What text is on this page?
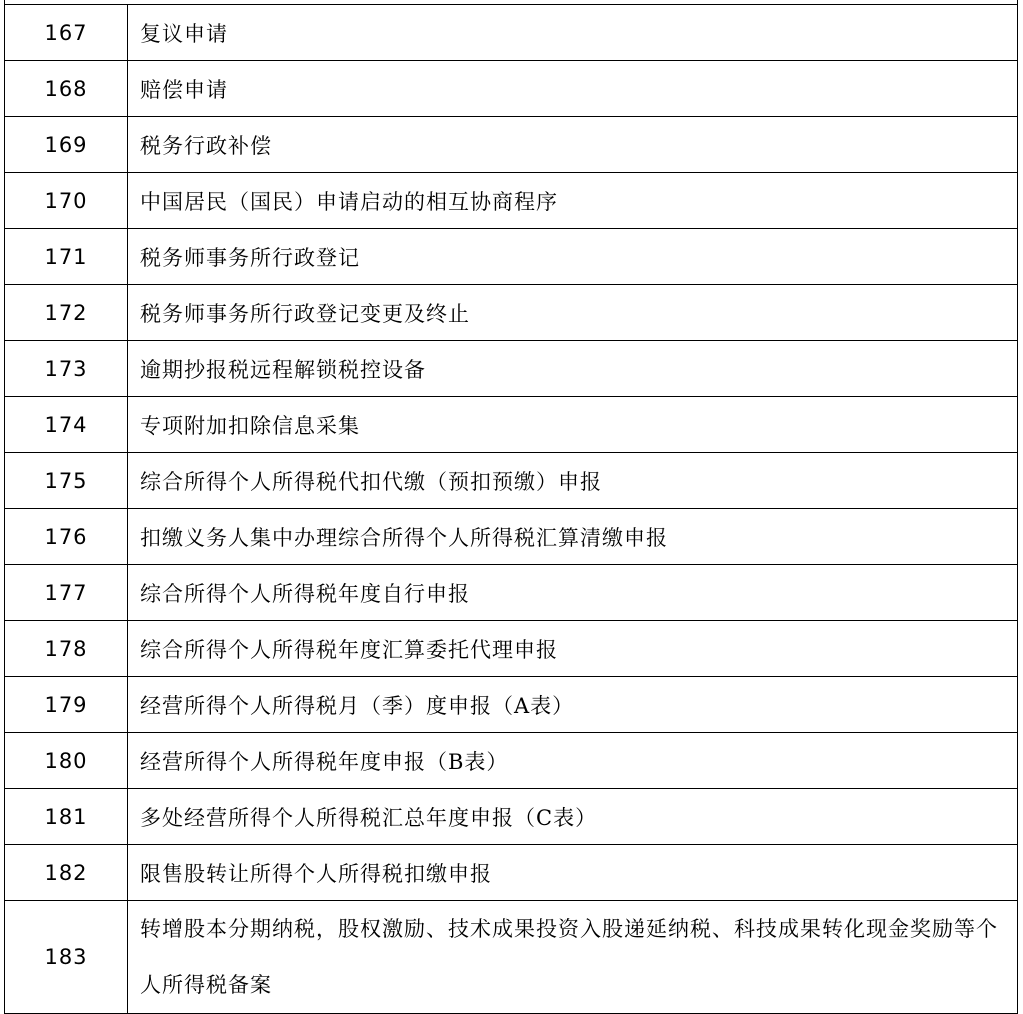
167	复议申请
168	赔偿申请
169	税务行政补偿
170	中国居民（国民）申请启动的相互协商程序
171	税务师事务所行政登记
172	税务师事务所行政登记变更及终止
173	逾期抄报税远程解锁税控设备
174	专项附加扣除信息采集
175	综合所得个人所得税代扣代缴（预扣预缴）申报
176	扣缴义务人集中办理综合所得个人所得税汇算清缴申报
177	综合所得个人所得税年度自行申报
178	综合所得个人所得税年度汇算委托代理申报
179	经营所得个人所得税月（季）度申报（A表）
180	经营所得个人所得税年度申报（B表）
181	多处经营所得个人所得税汇总年度申报（C表）
182	限售股转让所得个人所得税扣缴申报
183	转增股本分期纳税，股权激励、技术成果投资入股递延纳税、科技成果转化现金奖励等个人所得税备案
